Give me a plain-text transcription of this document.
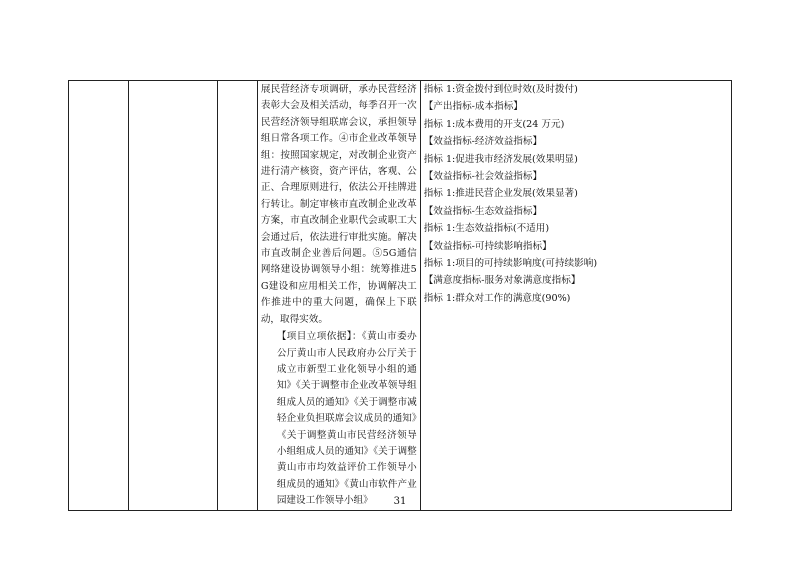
展民营经济专项调研，承办民营经济表彰大会及相关活动，每季召开一次民营经济领导组联席会议，承担领导组日常各项工作。④市企业改革领导组：按照国家规定，对改制企业资产进行清产核资，资产评估，客观、公正、合理原则进行，依法公开挂牌进行转让。制定审核市直改制企业改革方案，市直改制企业职代会或职工大会通过后，依法进行审批实施。解决市直改制企业善后问题。⑤5G通信网络建设协调领导小组：统筹推进5G建设和应用相关工作，协调解决工作推进中的重大问题，确保上下联动，取得实效。
【项目立项依据】：《黄山市委办公厅黄山市人民政府办公厅关于成立市新型工业化领导小组的通知》《关于调整市企业改革领导组组成人员的通知》《关于调整市减轻企业负担联席会议成员的通知》《关于调整黄山市民营经济领导小组组成人员的通知》《关于调整黄山市市均效益评价工作领导小组成员的通知》《黄山市软件产业园建设工作领导小组》

指标 1:资金拨付到位时效(及时拨付)
【产出指标-成本指标】
指标 1:成本费用的开支(24 万元)
【效益指标-经济效益指标】
指标 1:促进我市经济发展(效果明显)
【效益指标-社会效益指标】
指标 1:推进民营企业发展(效果显著)
【效益指标-生态效益指标】
指标 1:生态效益指标(不适用)
【效益指标-可持续影响指标】
指标 1:项目的可持续影响度(可持续影响)
【满意度指标-服务对象满意度指标】
指标 1:群众对工作的满意度(90%)
31
